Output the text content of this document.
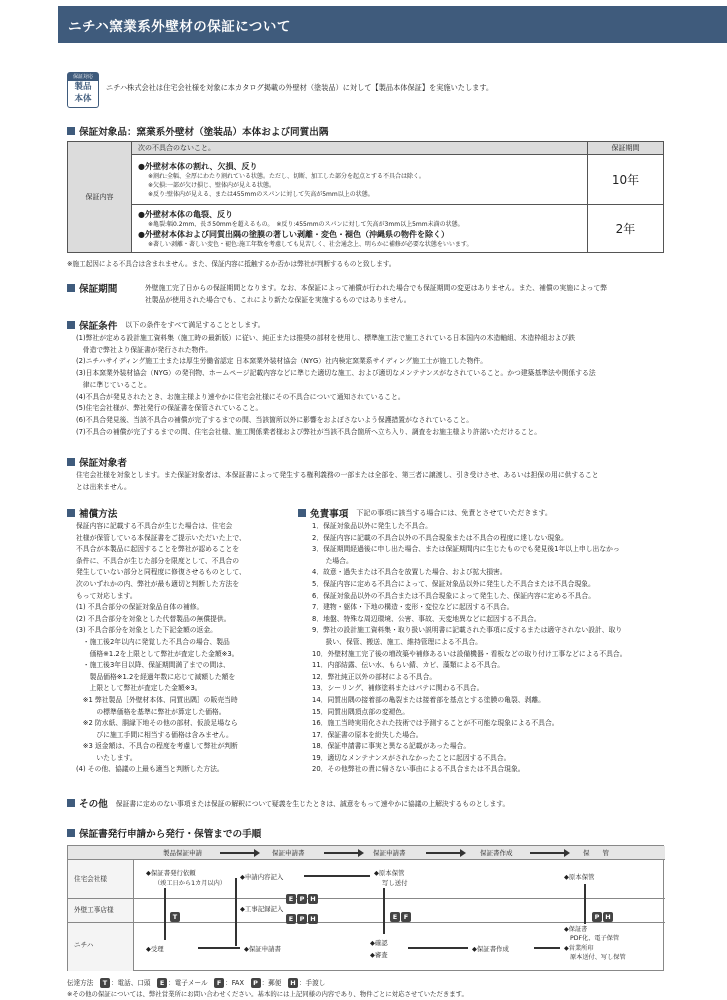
ニチハ窯業系外壁材の保証について
保証対応
製品
本体
ニチハ株式会社は住宅会社様を対象に本カタログ掲載の外壁材（塗装品）に対して【製品本体保証】を実施いたします。
保証対象品：窯業系外壁材（塗装品）本体および同質出隅
保証内容	次の不具合のないこと。	保証期間

	●外壁材本体の割れ、欠損、反り
※割れ:全幅、全厚にわたり割れている状態。ただし、切断、加工した部分を起点とする不具合は除く。
※欠損:一部が欠け損じ、壁体内が見える状態。
※反り:壁体内が見える、または455mmのスパンに対して矢高が5mm以上の状態。	10年

	●外壁材本体の亀裂、反り
※亀裂:幅0.2mm、長さ50mmを超えるもの。　※反り:455mmのスパンに対して矢高が3mm以上5mm未満の状態。
●外壁材本体および同質出隅の塗膜の著しい剥離・変色・褪色（沖縄県の物件を除く）
※著しい剥離・著しい変色・褪色:施工年数を考慮しても見苦しく、社会通念上、明らかに補修が必要な状態をいいます。	2年
※施工起因による不具合は含まれません。また、保証内容に抵触するか否かは弊社が判断するものと致します。
保証期間	外壁施工完了日からの保証期間となります。なお、本保証によって補償が行われた場合でも保証期間の変更はありません。また、補償の実施によって弊
社製品が使用された場合でも、これにより新たな保証を実施するものではありません。
保証条件 以下の条件をすべて満足することとします。
(1)弊社が定める設計施工資料集（施工時の最新版）に従い、純正または推奨の部材を使用し、標準施工法で施工されている日本国内の木造軸組、木造枠組および鉄
　骨造で弊社より保証書が発行された物件。
(2)ニチハサイディング施工士または厚生労働省認定 日本窯業外装材協会（NYG）社内検定窯業系サイディング施工士が施工した物件。
(3)日本窯業外装材協会（NYG）の発刊物、ホームページ記載内容などに準じた適切な施工、および適切なメンテナンスがなされていること。かつ建築基準法や関係する法
　律に準じていること。
(4)不具合が発見されたとき、お施主様より速やかに住宅会社様にその不具合について通知されていること。
(5)住宅会社様が、弊社発行の保証書を保管されていること。
(6)不具合発見後、当該不具合の補償が完了するまでの間、当該箇所以外に影響をおよぼさないよう保護措置がなされていること。
(7)不具合の補償が完了するまでの間、住宅会社様、施工関係業者様および弊社が当該不具合箇所へ立ち入り、調査をお施主様より許諾いただけること。
保証対象者
住宅会社様を対象とします。また保証対象者は、本保証書によって発生する権利義務の一部または全部を、第三者に譲渡し、引き受けさせ、あるいは担保の用に供すること
とは出来ません。
補償方法
保証内容に記載する不具合が生じた場合は、住宅会
社様が保管している本保証書をご提示いただいた上で、
不具合が本製品に起因することを弊社が認めることを
条件に、不具合が生じた部分を限度として、不具合の
発生していない部分と同程度に修復させるものとして、
次のいずれかの内、弊社が最も適切と判断した方法を
もって対応します。
(1) 不具合部分の保証対象品自体の補修。
(2) 不具合部分を対象とした代替製品の無償提供。
(3) 不具合部分を対象とした下記金額の返金。
　・施工後2年以内に発覚した不具合の場合、製品
　　価格※1.2を上限として弊社が査定した金額※3。
　・施工後3年目以降、保証期間満了までの間は、
　　製品価格※1.2を経過年数に応じて減額した額を
　　上限として弊社が査定した金額※3。
　※1 弊社製品［外壁材本体、同質出隅］の販売当時
　　　の標準価格を基準に弊社が算定した価格。
　※2 防水紙、胴縁下地その他の部材、仮設足場なら
　　　びに施工手間に相当する価格は含みません。
　※3 返金額は、不具合の程度を考慮して弊社が判断
　　　いたします。
(4) その他、協議の上最も適当と判断した方法。
免責事項 下記の事項に該当する場合には、免責とさせていただきます。
1．保証対象品以外に発生した不具合。
2．保証内容に記載の不具合以外の不具合現象または不具合の程度に達しない現象。
3．保証期間経過後に申し出た場合、または保証期間内に生じたものでも発見後1年以上申し出なかっ
　　た場合。
4．故意・過失または不具合を放置した場合、および拡大損害。
5．保証内容に定める不具合によって、保証対象品以外に発生した不具合または不具合現象。
6．保証対象品以外の不具合または不具合現象によって発生した、保証内容に定める不具合。
7．建物・躯体・下地の構造・変形・変位などに起因する不具合。
8．地盤、特殊な周辺環境、公害、事故、天変地異などに起因する不具合。
9．弊社の設計施工資料集・取り扱い説明書に記載された事項に反するまたは適守されない設計、取り
　　扱い、保管、搬送、施工、維持管理による不具合。
10．外壁材施工完了後の増改築や補修あるいは設備機器・看板などの取り付け工事などによる不具合。
11．内部結露、伝い水、もらい錆、カビ、藻類による不具合。
12．弊社純正以外の部材による不具合。
13．シーリング、補修塗料またはパテに関わる不具合。
14．同質出隅の接着部の亀裂または接着部を基点とする塗膜の亀裂、剥離。
15．同質出隅頂点部の変褪色。
16．施工当時実用化された技術では予測することが不可能な現象による不具合。
17．保証書の原本を紛失した場合。
18．保証申請書に事実と異なる記載があった場合。
19．適切なメンテナンスがされなかったことに起因する不具合。
20．その他弊社の責に帰さない事由による不具合または不具合現象。
その他 保証書に定めのない事項または保証の解釈について疑義を生じたときは、誠意をもって速やかに協議の上解決するものとします。
保証書発行申請から発行・保管までの手順
製品保証申請	保証申請書	保証申請書	保証書作成	保　　管
住宅会社様
外壁工事店様
ニチハ
◆保証書発行依頼
（竣工日から1カ月以内）
◆申請内容記入	◆原本保管
写し送付
◆原本保管
◆工事記録記入
◆受理	◆保証申請書
◆確認
◆審査
◆保証書作成
◆保証書
PDF化、電子保管
◆営業所印
原本送付、写し保管
E P H
E P H
T	E F	P H
伝達方法　 T ：電話、口頭　 E ：電子メール　 F ：FAX　 P ：郵便　 H ：手渡し
※その他の保証については、弊社営業所にお問い合わせください。基本的には上記同様の内容であり、物件ごとに対応させていただきます。
